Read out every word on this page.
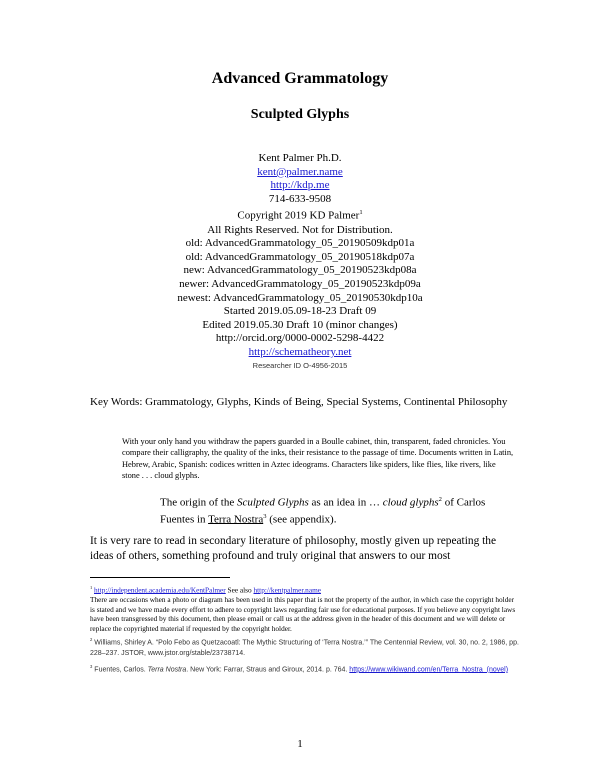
Advanced Grammatology
Sculpted Glyphs
Kent Palmer Ph.D.
kent@palmer.name
http://kdp.me
714-633-9508
Copyright 2019 KD Palmer$^1$
All Rights Reserved. Not for Distribution.
old: AdvancedGrammatology_05_20190509kdp01a
old: AdvancedGrammatology_05_20190518kdp07a
new: AdvancedGrammatology_05_20190523kdp08a
newer: AdvancedGrammatology_05_20190523kdp09a
newest: AdvancedGrammatology_05_20190530kdp10a
Started 2019.05.09-18-23 Draft 09
Edited 2019.05.30 Draft 10 (minor changes)
http://orcid.org/0000-0002-5298-4422
http://schematheory.net
Researcher ID O-4956-2015
Key Words: Grammatology, Glyphs, Kinds of Being, Special Systems, Continental Philosophy
With your only hand you withdraw the papers guarded in a Boulle cabinet, thin, transparent, faded chronicles. You compare their calligraphy, the quality of the inks, their resistance to the passage of time. Documents written in Latin, Hebrew, Arabic, Spanish: codices written in Aztec ideograms. Characters like spiders, like flies, like rivers, like stone . . . cloud glyphs.
The origin of the Sculpted Glyphs as an idea in … cloud glyphs$^2$ of Carlos Fuentes in Terra Nostra$^3$ (see appendix).
It is very rare to read in secondary literature of philosophy, mostly given up repeating the ideas of others, something profound and truly original that answers to our most
$^1$ http://independent.academia.edu/KentPalmer See also http://kentpalmer.name
There are occasions when a photo or diagram has been used in this paper that is not the property of the author, in which case the copyright holder is stated and we have made every effort to adhere to copyright laws regarding fair use for educational purposes. If you believe any copyright laws have been transgressed by this document, then please email or call us at the address given in the header of this document and we will delete or replace the copyrighted material if requested by the copyright holder.
$^2$ Williams, Shirley A. “Polo Febo as Quetzacoatl: The Mythic Structuring of ‘Terra Nostra.’” The Centennial Review, vol. 30, no. 2, 1986, pp. 228–237. JSTOR, www.jstor.org/stable/23738714.
$^3$ Fuentes, Carlos. Terra Nostra. New York: Farrar, Straus and Giroux, 2014. p. 764. https://www.wikiwand.com/en/Terra_Nostra_(novel)
1
